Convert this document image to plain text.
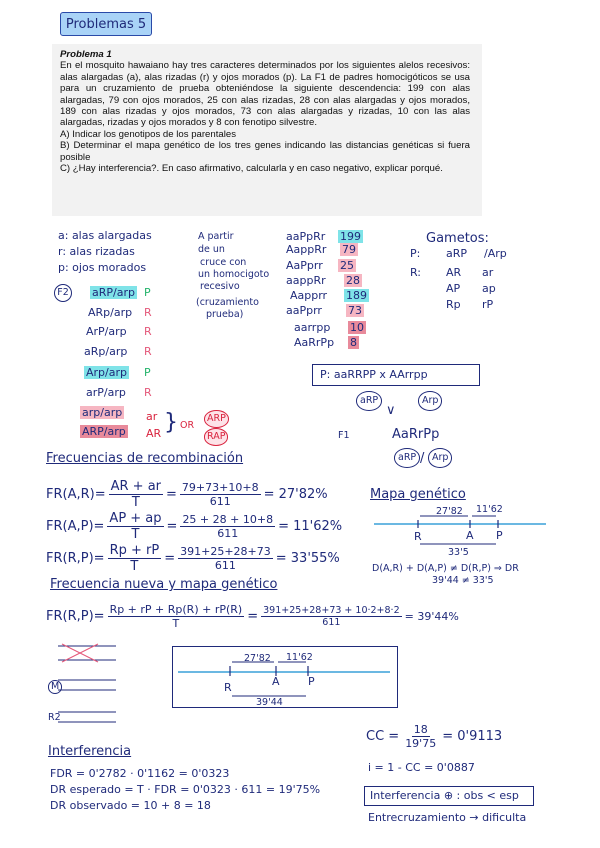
Problemas 5
Problema 1
En el mosquito hawaiano hay tres caracteres determinados por los siguientes alelos recesivos: alas alargadas (a), alas rizadas (r) y ojos morados (p). La F1 de padres homocigóticos se usa para un cruzamiento de prueba obteniéndose la siguiente descendencia: 199 con alas alargadas, 79 con ojos morados, 25 con alas rizadas, 28 con alas alargadas y ojos morados, 189 con alas rizadas y ojos morados, 73 con alas alargadas y rizadas, 10 con las alas alargadas, rizadas y ojos morados y 8 con fenotipo silvestre.
A) Indicar los genotipos de los parentales
B) Determinar el mapa genético de los tres genes indicando las distancias genéticas si fuera posible
C) ¿Hay interferencia?. En caso afirmativo, calcularla y en caso negativo, explicar porqué.
a: alas alargadas
r: alas rizadas
p: ojos morados
F2 aRP/arp P
ARp/arp R
ArP/arp R
aRp/arp R
Arp/arp P
arP/arp R
arp/arp ar
ARP/arp AR } OR
ARP
RAP
A partir
de un
cruce con
un homocigoto
recesivo
(cruzamiento
prueba)
aaPpRr 199
AappRr 79
AaPprr 25
aappRr 28
Aapprr 189
aaPprr 73
aarrpp 10
AaRrPp 8
Gametos:
P: aRP /Arp
R: AR ar
AP ap
Rp rP
P: aaRRPP x AArrpp
aRP	Arp
∨
F1	AaRrPp
aRP / Arp
Frecuencias de recombinación
$FR(A,R)= \frac{AR + ar}{T} = \frac{79+73+10+8}{611} = 27'82\%$
$FR(A,P)= \frac{AP + ap}{T} = \frac{25 + 28 + 10+8}{611} = 11'62\%$
$FR(R,P)= \frac{Rp + rP}{T} = \frac{391+25+28+73}{611} = 33'55\%$
Mapa genético
27'82 11'62
R	A P
33'5
D(A,R) + D(A,P) ≠ D(R,P) ⇒ DR
39'44 ≠ 33'5
Frecuencia nueva y mapa genético
$FR(R,P)= \frac{Rp + rP + Rp(R) + rP(R)}{T} = \frac{391+25+28+73 + 10\cdot 2+8\cdot 2}{611} = 39'44\%$
M
R2
27'82 11'62
R	A	P
39'44
CC = $\frac{18}{19'75} = 0'9113$
i = 1 - CC = 0'0887
Interferencia
FDR = 0'2782 · 0'1162 = 0'0323
DR esperado = T · FDR = 0'0323 · 611 = 19'75%
DR observado = 10 + 8 = 18
Interferencia ⊕ : obs < esp
Entrecruzamiento → dificulta
